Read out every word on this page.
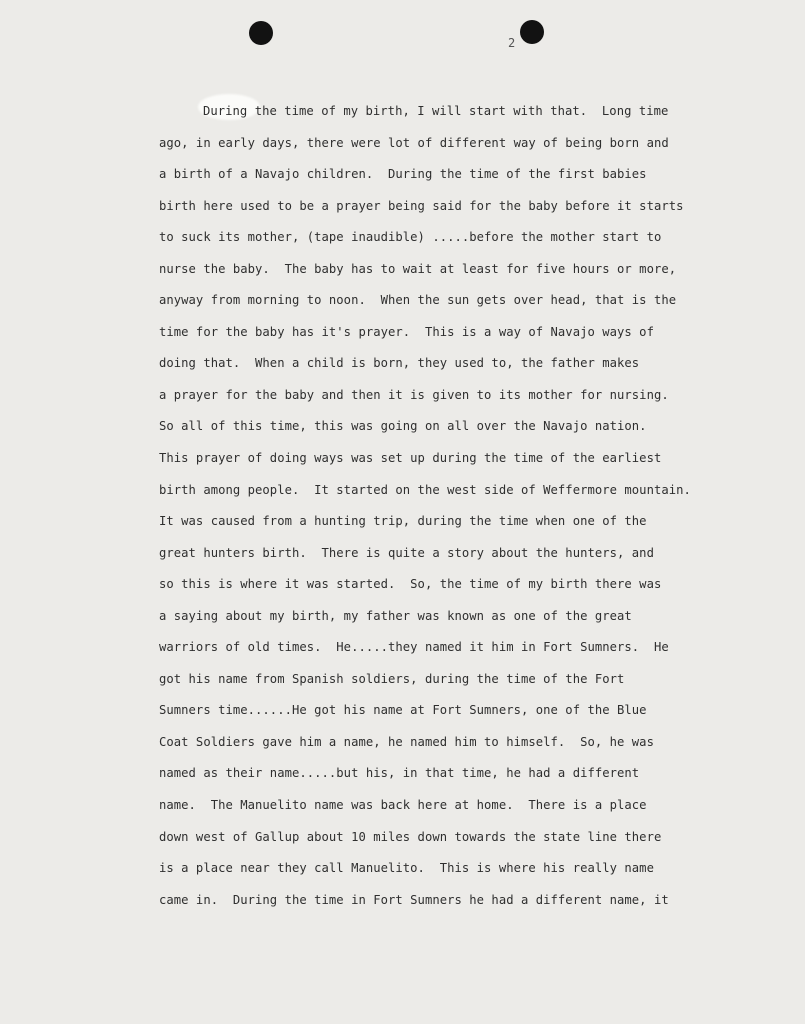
2
During the time of my birth, I will start with that.  Long time
ago, in early days, there were lot of different way of being born and
a birth of a Navajo children.  During the time of the first babies
birth here used to be a prayer being said for the baby before it starts
to suck its mother, (tape inaudible) .....before the mother start to
nurse the baby.  The baby has to wait at least for five hours or more,
anyway from morning to noon.  When the sun gets over head, that is the
time for the baby has it's prayer.  This is a way of Navajo ways of
doing that.  When a child is born, they used to, the father makes
a prayer for the baby and then it is given to its mother for nursing.
So all of this time, this was going on all over the Navajo nation.
This prayer of doing ways was set up during the time of the earliest
birth among people.  It started on the west side of Weffermore mountain.
It was caused from a hunting trip, during the time when one of the
great hunters birth.  There is quite a story about the hunters, and
so this is where it was started.  So, the time of my birth there was
a saying about my birth, my father was known as one of the great
warriors of old times.  He.....they named it him in Fort Sumners.  He
got his name from Spanish soldiers, during the time of the Fort
Sumners time......He got his name at Fort Sumners, one of the Blue
Coat Soldiers gave him a name, he named him to himself.  So, he was
named as their name.....but his, in that time, he had a different
name.  The Manuelito name was back here at home.  There is a place
down west of Gallup about 10 miles down towards the state line there
is a place near they call Manuelito.  This is where his really name
came in.  During the time in Fort Sumners he had a different name, it
